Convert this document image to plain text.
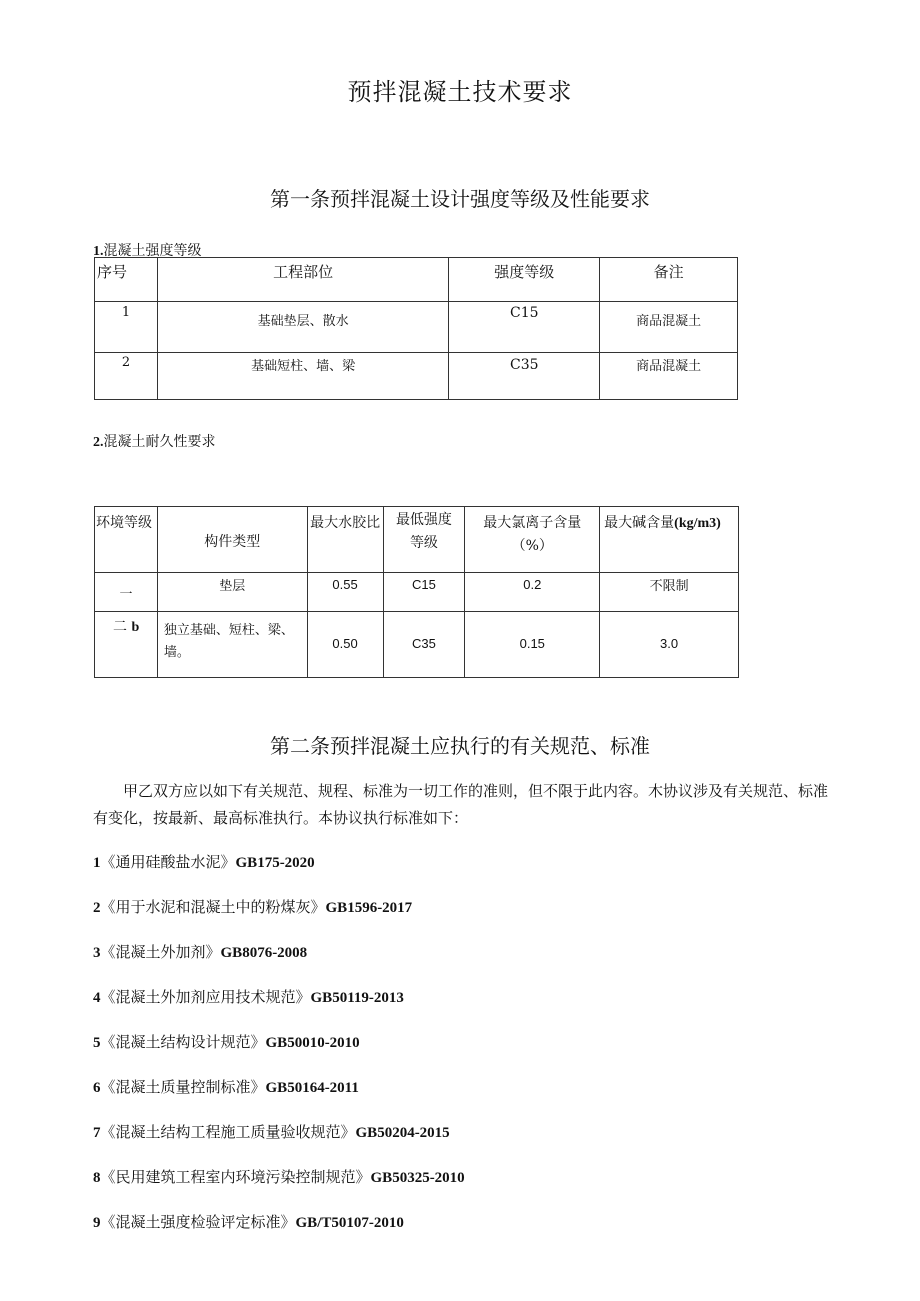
预拌混凝土技术要求
第一条预拌混凝土设计强度等级及性能要求
1.混凝土强度等级
序号	工程部位	强度等级	备注
1	基础垫层、散水	C15	商品混凝土
2	基础短柱、墙、梁	C35	商品混凝土
2.混凝土耐久性要求
环境等级	构件类型	最大水胶比	最低强度等级	最大氯离子含量（%）	最大碱含量(kg/m3)
一	垫层	0.55	C15	0.2	不限制
二 b	独立基础、短柱、梁、墙。	0.50	C35	0.15	3.0
第二条预拌混凝土应执行的有关规范、标准
甲乙双方应以如下有关规范、规程、标准为一切工作的准则，但不限于此内容。木协议涉及有关规范、标准有变化，按最新、最高标准执行。本协议执行标准如下：
1《通用硅酸盐水泥》GB175-2020
2《用于水泥和混凝土中的粉煤灰》GB1596-2017
3《混凝土外加剂》GB8076-2008
4《混凝土外加剂应用技术规范》GB50119-2013
5《混凝土结构设计规范》GB50010-2010
6《混凝土质量控制标准》GB50164-2011
7《混凝土结构工程施工质量验收规范》GB50204-2015
8《民用建筑工程室内环境污染控制规范》GB50325-2010
9《混凝土强度检验评定标准》GB/T50107-2010
